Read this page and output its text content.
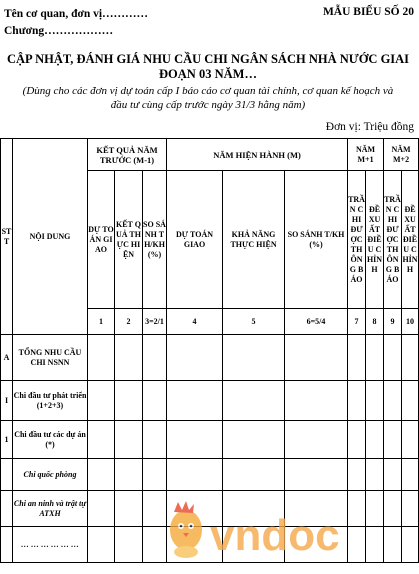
Tên cơ quan, đơn vị…………
Chương………………
MẪU BIỂU SỐ 20
CẬP NHẬT, ĐÁNH GIÁ NHU CẦU CHI NGÂN SÁCH NHÀ NƯỚC GIAI
ĐOẠN 03 NĂM…
(Dùng cho các đơn vị dự toán cấp I báo cáo cơ quan tài chính, cơ quan kế hoạch và
đầu tư cùng cấp trước ngày 31/3 hằng năm)
Đơn vị: Triệu đồng
STT	NỘI DUNG	KẾT QUẢ NĂM TRƯỚC (M-1)			NĂM HIỆN HÀNH (M)			NĂM M+1		NĂM M+2	
		DỰ TOÁN GIAO	KẾT QUẢ THỰC HIỆN	SO SÁNH TH/KH (%)	DỰ TOÁN GIAO	KHẢ NĂNG THỰC HIỆN	SO SÁNH T/KH (%)	TRẦN CHI ĐƯỢC THÔNG BÁO	ĐỀ XUẤT ĐIỀU CHỈNH	TRẦN CHI ĐƯỢC THÔNG BÁO	ĐỀ XUẤT ĐIỀU CHỈNH
		1	2	3=2/1	4	5	6=5/4	7	8	9	10
A	TỔNG NHU CẦU CHI NSNN										
I	Chi đầu tư phát triển (1+2+3)										
1	Chi đầu tư các dự án (*)										
	Chi quốc phòng										
	Chi an ninh và trật tự ATXH										
	… … … … … …											vndoc
